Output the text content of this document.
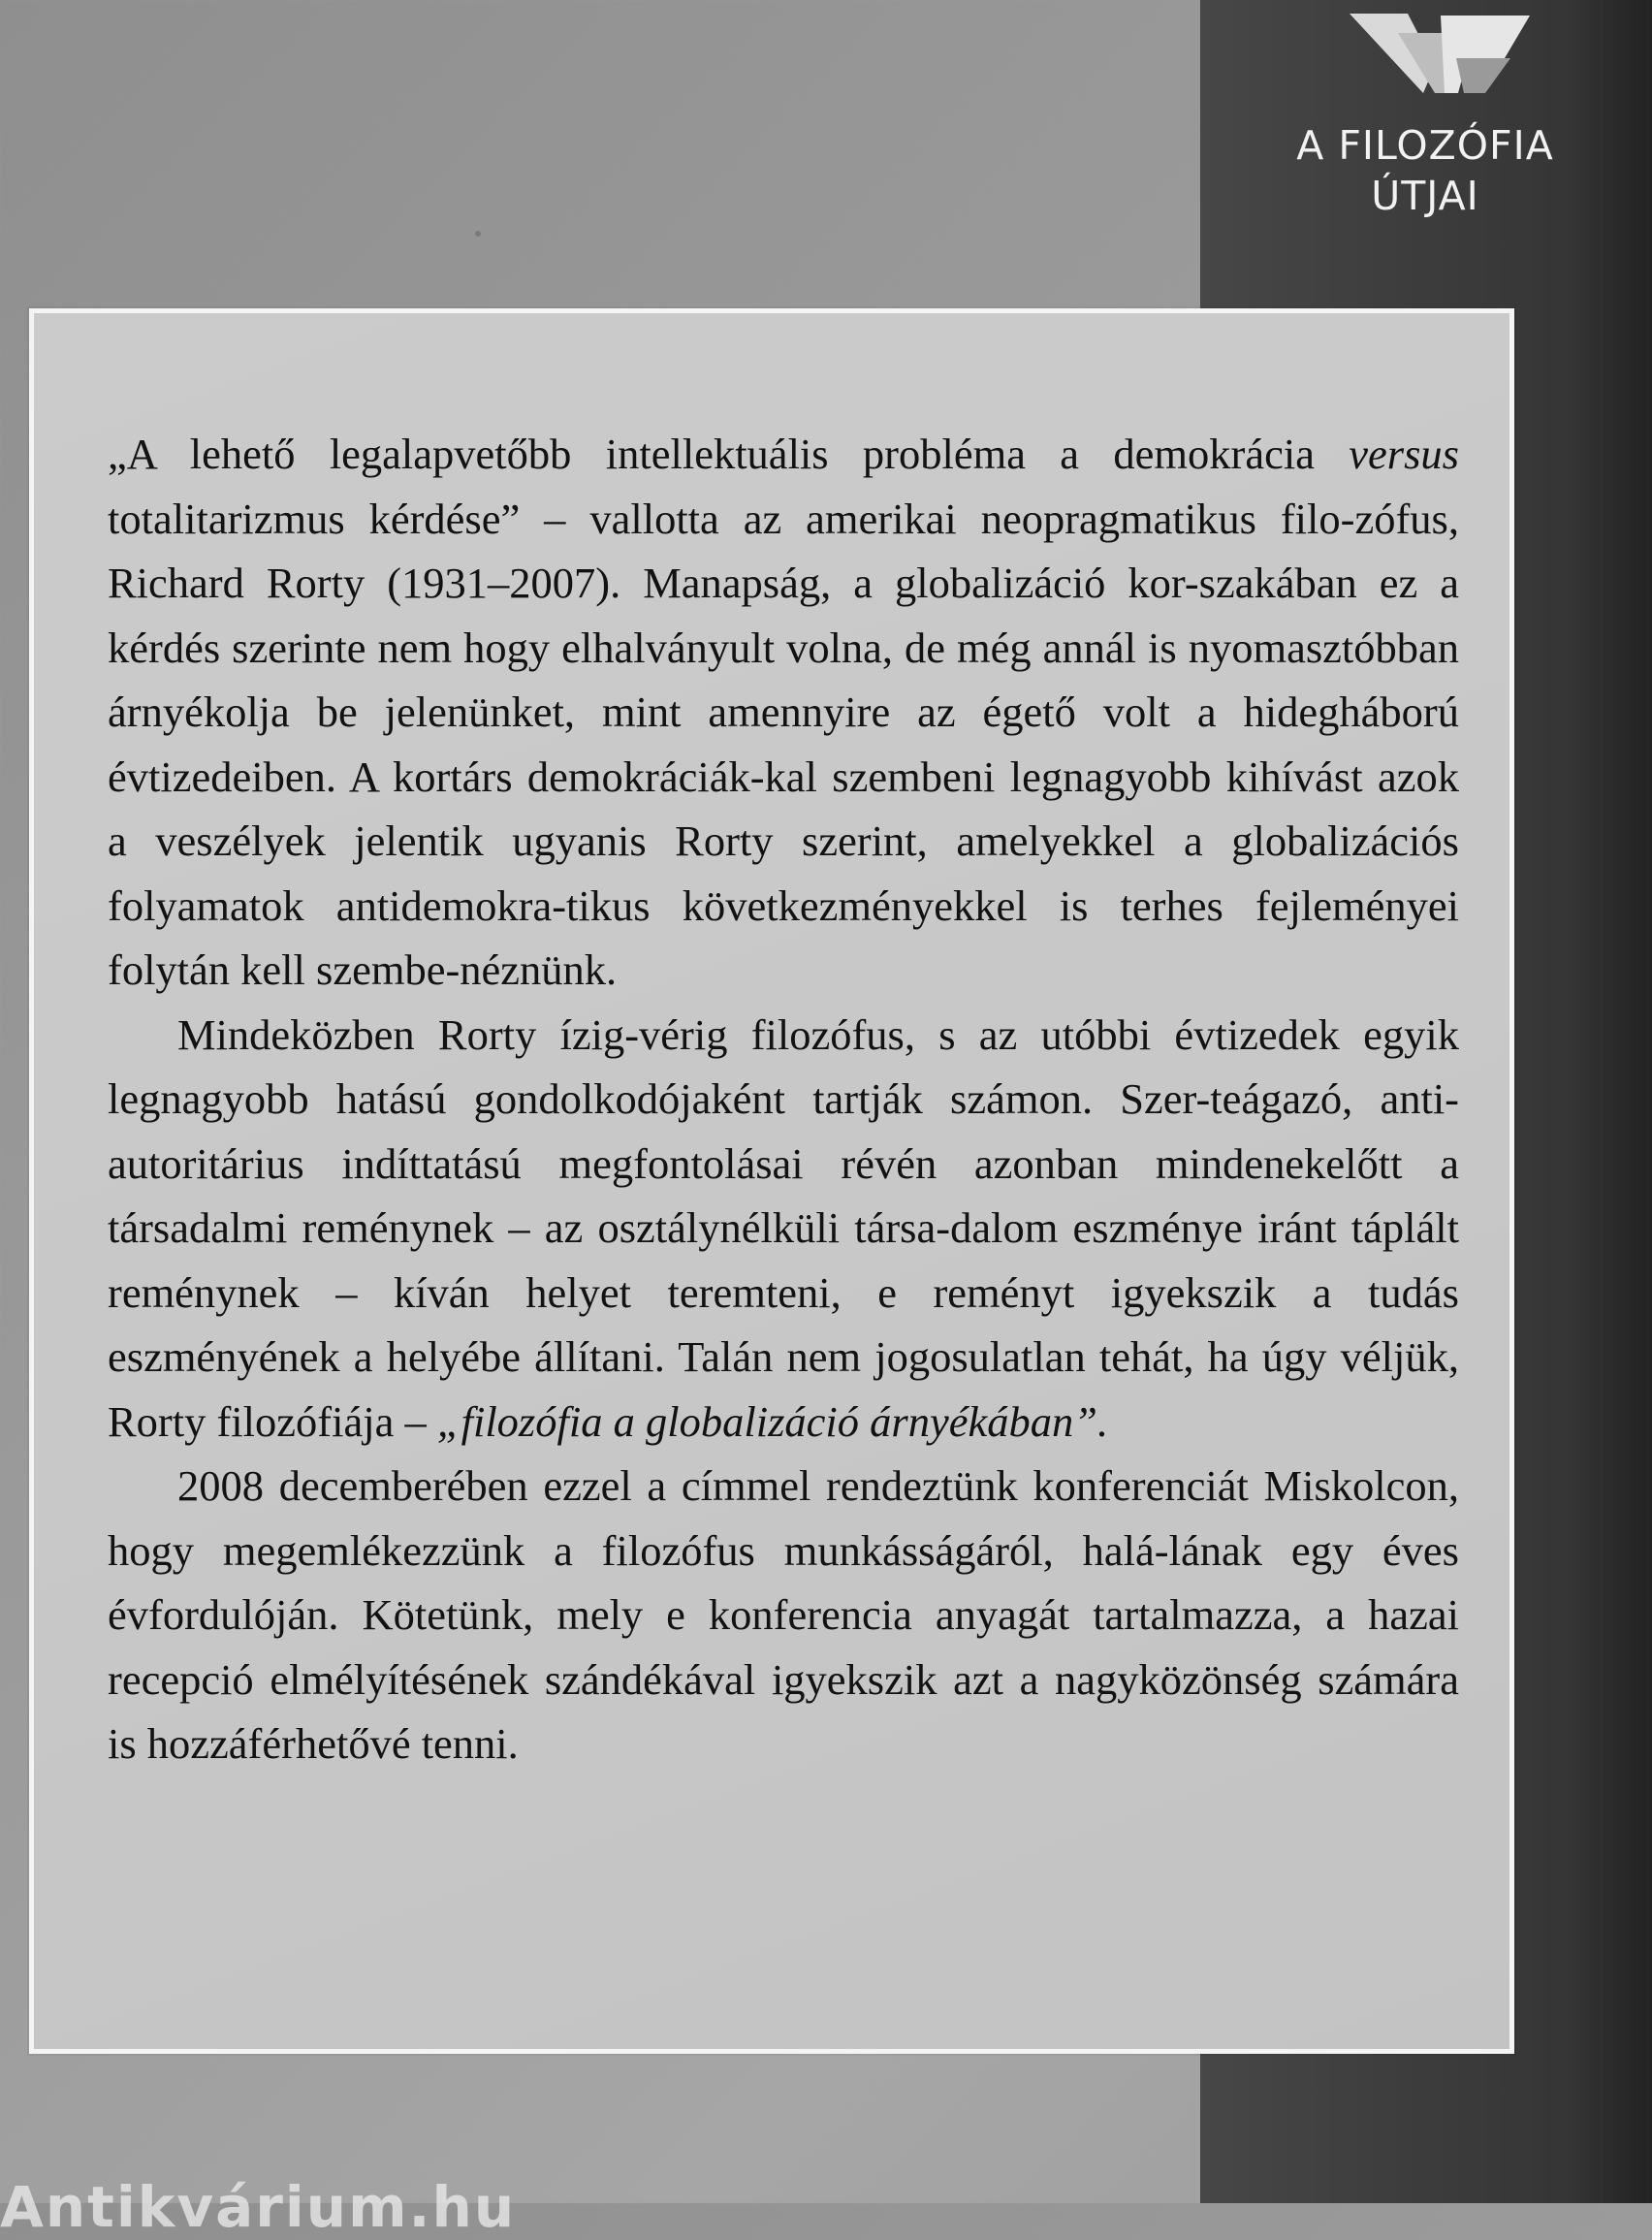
A FILOZÓFIA
ÚTJAI

„A lehető legalapvetőbb intellektuális probléma a demokrácia versus totalitarizmus kérdése” – vallotta az amerikai neopragmatikus filo-zófus, Richard Rorty (1931–2007). Manapság, a globalizáció kor-szakában ez a kérdés szerinte nem hogy elhalványult volna, de még annál is nyomasztóbban árnyékolja be jelenünket, mint amennyire az égető volt a hidegháború évtizedeiben. A kortárs demokráciák-kal szembeni legnagyobb kihívást azok a veszélyek jelentik ugyanis Rorty szerint, amelyekkel a globalizációs folyamatok antidemokra-tikus következményekkel is terhes fejleményei folytán kell szembe-néznünk.

Mindeközben Rorty ízig-vérig filozófus, s az utóbbi évtizedek egyik legnagyobb hatású gondolkodójaként tartják számon. Szer-teágazó, anti-autoritárius indíttatású megfontolásai révén azonban mindenekelőtt a társadalmi reménynek – az osztálynélküli társa-dalom eszménye iránt táplált reménynek – kíván helyet teremteni, e reményt igyekszik a tudás eszményének a helyébe állítani. Talán nem jogosulatlan tehát, ha úgy véljük, Rorty filozófiája – „filozófia a globalizáció árnyékában”.

2008 decemberében ezzel a címmel rendeztünk konferenciát Miskolcon, hogy megemlékezzünk a filozófus munkásságáról, halá-lának egy éves évfordulóján. Kötetünk, mely e konferencia anyagát tartalmazza, a hazai recepció elmélyítésének szándékával igyekszik azt a nagyközönség számára is hozzáférhetővé tenni.

Antikvárium.hu
